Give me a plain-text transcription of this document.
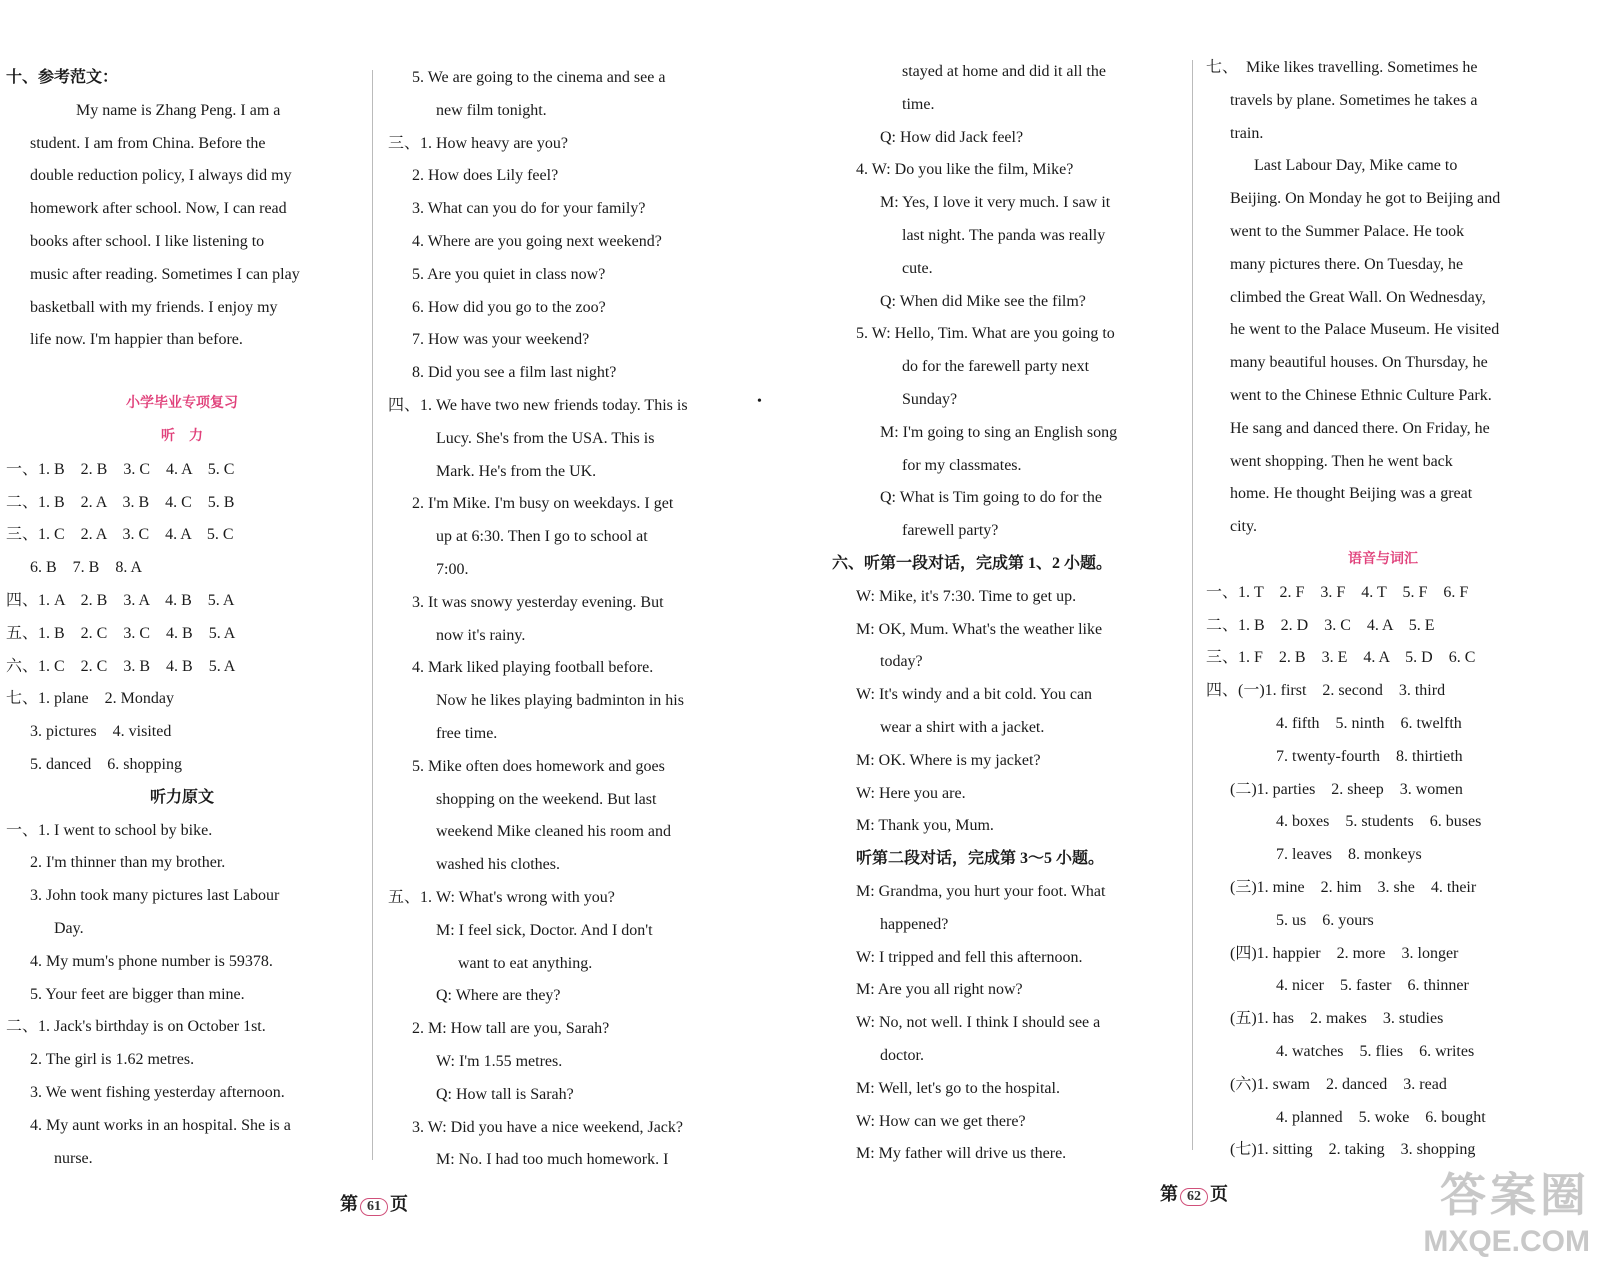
十、参考范文：
My name is Zhang Peng. I am a
student. I am from China. Before the
double reduction policy, I always did my
homework after school. Now, I can read
books after school. I like listening to
music after reading. Sometimes I can play
basketball with my friends. I enjoy my
life now. I'm happier than before.
小学毕业专项复习
听　力
一、1. B　2. B　3. C　4. A　5. C
二、1. B　2. A　3. B　4. C　5. B
三、1. C　2. A　3. C　4. A　5. C
6. B　7. B　8. A
四、1. A　2. B　3. A　4. B　5. A
五、1. B　2. C　3. C　4. B　5. A
六、1. C　2. C　3. B　4. B　5. A
七、1. plane　2. Monday
3. pictures　4. visited
5. danced　6. shopping
听力原文
一、1. I went to school by bike.
2. I'm thinner than my brother.
3. John took many pictures last Labour
Day.
4. My mum's phone number is 59378.
5. Your feet are bigger than mine.
二、1. Jack's birthday is on October 1st.
2. The girl is 1.62 metres.
3. We went fishing yesterday afternoon.
4. My aunt works in an hospital. She is a
nurse.
5. We are going to the cinema and see a
new film tonight.
三、1. How heavy are you?
2. How does Lily feel?
3. What can you do for your family?
4. Where are you going next weekend?
5. Are you quiet in class now?
6. How did you go to the zoo?
7. How was your weekend?
8. Did you see a film last night?
四、1. We have two new friends today. This is
Lucy. She's from the USA. This is
Mark. He's from the UK.
2. I'm Mike. I'm busy on weekdays. I get
up at 6:30. Then I go to school at
7:00.
3. It was snowy yesterday evening. But
now it's rainy.
4. Mark liked playing football before.
Now he likes playing badminton in his
free time.
5. Mike often does homework and goes
shopping on the weekend. But last
weekend Mike cleaned his room and
washed his clothes.
五、1. W: What's wrong with you?
M: I feel sick, Doctor. And I don't
want to eat anything.
Q: Where are they?
2. M: How tall are you, Sarah?
W: I'm 1.55 metres.
Q: How tall is Sarah?
3. W: Did you have a nice weekend, Jack?
M: No. I had too much homework. I
•
第 61 页
stayed at home and did it all the
time.
Q: How did Jack feel?
4. W: Do you like the film, Mike?
M: Yes, I love it very much. I saw it
last night. The panda was really
cute.
Q: When did Mike see the film?
5. W: Hello, Tim. What are you going to
do for the farewell party next
Sunday?
M: I'm going to sing an English song
for my classmates.
Q: What is Tim going to do for the
farewell party?
六、听第一段对话，完成第 1、2 小题。
W: Mike, it's 7:30. Time to get up.
M: OK, Mum. What's the weather like
today?
W: It's windy and a bit cold. You can
wear a shirt with a jacket.
M: OK. Where is my jacket?
W: Here you are.
M: Thank you, Mum.
听第二段对话，完成第 3～5 小题。
M: Grandma, you hurt your foot. What
happened?
W: I tripped and fell this afternoon.
M: Are you all right now?
W: No, not well. I think I should see a
doctor.
M: Well, let's go to the hospital.
W: How can we get there?
M: My father will drive us there.
七、　Mike likes travelling. Sometimes he
travels by plane. Sometimes he takes a
train.
Last Labour Day, Mike came to
Beijing. On Monday he got to Beijing and
went to the Summer Palace. He took
many pictures there. On Tuesday, he
climbed the Great Wall. On Wednesday,
he went to the Palace Museum. He visited
many beautiful houses. On Thursday, he
went to the Chinese Ethnic Culture Park.
He sang and danced there. On Friday, he
went shopping. Then he went back
home. He thought Beijing was a great
city.
语音与词汇
一、1. T　2. F　3. F　4. T　5. F　6. F
二、1. B　2. D　3. C　4. A　5. E
三、1. F　2. B　3. E　4. A　5. D　6. C
四、(一)1. first　2. second　3. third
4. fifth　5. ninth　6. twelfth
7. twenty-fourth　8. thirtieth
(二)1. parties　2. sheep　3. women
4. boxes　5. students　6. buses
7. leaves　8. monkeys
(三)1. mine　2. him　3. she　4. their
5. us　6. yours
(四)1. happier　2. more　3. longer
4. nicer　5. faster　6. thinner
(五)1. has　2. makes　3. studies
4. watches　5. flies　6. writes
(六)1. swam　2. danced　3. read
4. planned　5. woke　6. bought
(七)1. sitting　2. taking　3. shopping
第 62 页	答案圈
MXQE.COM
